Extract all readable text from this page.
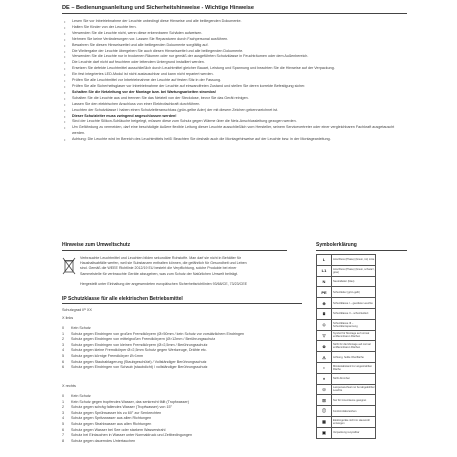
DE – Bedienungsanleitung und Sicherheitshinweise - Wichtige Hinweise
• Lesen Sie vor Inbetriebnahme der Leuchte unbedingt diese Hinweise und alle beiliegenden Dokumente.
• Halten Sie Kinder von der Leuchte fern.
• Verwenden Sie die Leuchte nicht, wenn diese erkennbaren Schäden aufweisen.
• Nehmen Sie keine Veränderungen vor. Lassen Sie Reparaturen durch Fachpersonal ausführen.
• Bewahren Sie diesen Hinweiszettel und alle beiliegenden Dokumente sorgfältig auf.
• Die Weitergabe der Leuchte übergeben Sie auch diesen Hinweiszettel und alle beiliegenden Dokumente.
• Verwenden Sie die Leuchte nur in trockenen Räumen oder nur gemäß der ausgeführten Schutzklasse in Feuchträumen oder dem Außenbereich.
• Die Leuchte darf nicht auf feuchtem oder leitendem Untergrund installiert werden.
• Ersetzen Sie defekte Leuchtmittel ausschließlich durch Leuchtmittel gleicher Bauart, Leistung und Spannung und beachten Sie die Hinweise auf der Verpackung.
• Ein fest integriertes LED-Modul ist nicht austauschbar und kann nicht repariert werden.
• Prüfen Sie alle Leuchtmittel vor Inbetriebnahme der Leuchte auf festen Sitz in der Fassung.
• Prüfen Sie alle Sicherheitsglaser vor Inbetriebnahme der Leuchte auf einwandfreien Zustand und stellen Sie deren korrekte Befestigung sicher.
• Schalten Sie die Netzleitung vor der Montage bzw. bei Wartungsarbeiten stromlos!
• Schalten Sie die Leuchte aus und trennen Sie das Netzteil von der Steckdose, bevor Sie das Gerät reinigen.
• Lassen Sie den elektrischen Anschluss von einer Elektrofachkraft durchführen.
• Leuchten der Schutzklasse I haben einen Schutzleiteranschluss (grün-gelbe Ader) der mit diesem Zeichen gekennzeichnet ist.
• Dieser Schutzleiter muss zwingend angeschlossen werden!
• Sind der Leuchte Silikon-Schläuche beigelegt, müssen diese zum Schutz gegen Wärme über die Netz-Anschlussleitung gezogen werden.
• Um Gefährdung zu vermeiden, darf eine beschädigte äußere flexible Leitung dieser Leuchte ausschließlich vom Hersteller, seinem Servicevertreter oder einer vergleichbaren Fachkraft ausgetauscht werden.
• Achtung: Die Leuchte wird im Bereich des Leuchtmittels heiß! Beachten Sie deshalb auch die Montagehinweise auf der Leuchte bzw. in der Montageanleitung.
Hinweise zum Umweltschutz

Verbrauchte Leuchtmittel und Leuchten bilden sekundäre Rohstoffe. Man darf sie nicht in Behälter für Haushaltsabfälle werfen, weil sie Substanzen enthalten können, die gefährlich für Gesundheit und Leben sind. Gemäß die WEEE Richtlinie 2012/19 EU besteht die Verpflichtung, solche Produkte bei einer Sammelstelle für verbrauchte Geräte abzugeben, was zum Schutz der Natürlichen Umwelt beiträgt.

Hergestellt unter Einhaltung der angewendeten europäischen Sicherheitsrichtlinien 93/68/CE, 73/23/CEE

Symbolerklärung
L	Anschluss (Phase) (braun, rot) Linie
L1	Anschluss (Phase) (braun, schwarz, grau)
N	Neutralleiter (blau)
PE	Schutzleiter (grün-gelb)
⊕	Schutzklasse I – geerdete Leuchte
⧈	Schutzklasse II – schutzisoliert
◇	Schutzklasse III – Schutzkleinspannung
▽	Symbol für Montage auf normal entflammbaren Flächen
⊗	Nicht für die Montage auf normal entflammbaren Flächen
⚠	Achtung, heiße Oberfläche
•	Mindestabstand zur angestrahlten Fläche
♦	Nicht dimmbar
☉	Lampenwechsel nur bei abgekühlter Leuchte
☒	Nur für Innenräume geeignet
Ⓘ	Konformitätszeichen
▦	Elektrogeräte nicht im Hausmüll entsorgen
▣	Verpackung recycelbar
IP Schutzklasse für alle elektrischen Betriebsmittel
Schutzgrad IP XX
X links
0	Kein Schutz
1	Schutz gegen Eindringen von großen Fremdkörpern (Ø>50mm / kein Schutz vor vorsätzlichem Eindringen
2	Schutz gegen Eindringen von mittelgroßen Fremdkörpern (Ø>12mm / Berührungsschutz
3	Schutz gegen Eindringen von kleinen Fremdkörpern (Ø>2,5mm / Berührungsschutz
4	Schutz gegen kleine Fremdkörper Ø>2,5mm Schutz gegen Werkzeuge, Drähte etc.
5	Schutz gegen körnige Fremdkörper Ø>1mm
6	Schutz gegen Staubablagerung (Staubgeschützt) / Vollständiger Berührungsschutz
6	Schutz gegen Eindringen von Schaub (staubdicht) / vollständiger Berührungsschutz
X rechts
0	Kein Schutz
1	Kein Schutz gegen tropfendes Wasser, das senkrecht fällt (Tropfwasser)
2	Schutz gegen schräg fallendes Wasser (Tropfwasser) von 15°
3	Schutz gegen Sprühwasser bis zu 60° zur Senkrechten
4	Schutz gegen Spritzwasser aus allen Richtungen
5	Schutz gegen Strahlwasser aus allen Richtungen
6	Schutz gegen Wasser bei See oder starkem Wasserstrahl
7	Schutz bei Eintauchen in Wasser unter Normaldruck und Zeitbedingungen
8	Schutz gegen dauerndes Untertauchen
